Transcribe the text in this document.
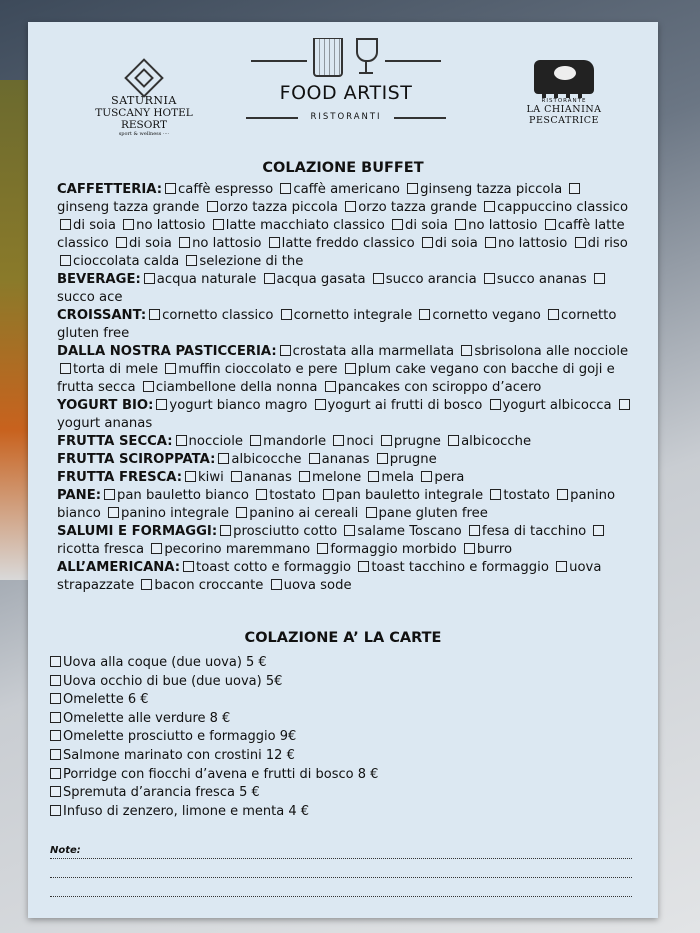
SATURNIA
TUSCANY HOTEL RESORT
sport & wellness ····
FOOD ARTIST
RISTORANTI
RISTORANTE
LA CHIANINA
PESCATRICE
COLAZIONE BUFFET

CAFFETTERIA: caffè espresso caffè americano ginseng tazza piccola ginseng tazza grande orzo tazza piccola orzo tazza grande cappuccino classico di soia no lattosio latte macchiato classico di soia no lattosio caffè latte classico di soia no lattosio latte freddo classico di soia no lattosio di riso cioccolata calda selezione di the

BEVERAGE: acqua naturale acqua gasata succo arancia succo ananas succo ace

CROISSANT: cornetto classico cornetto integrale cornetto vegano cornetto gluten free

DALLA NOSTRA PASTICCERIA: crostata alla marmellata sbrisolona alle nocciole torta di mele muffin cioccolato e pere plum cake vegano con bacche di goji e frutta secca ciambellone della nonna pancakes con sciroppo d’acero

YOGURT BIO: yogurt bianco magro yogurt ai frutti di bosco yogurt albicocca yogurt ananas

FRUTTA SECCA: nocciole mandorle noci prugne albicocche

FRUTTA SCIROPPATA: albicocche ananas prugne

FRUTTA FRESCA: kiwi ananas melone mela pera

PANE: pan bauletto bianco tostato pan bauletto integrale tostato panino bianco panino integrale panino ai cereali pane gluten free

SALUMI E FORMAGGI: prosciutto cotto salame Toscano fesa di tacchino ricotta fresca pecorino maremmano formaggio morbido burro

ALL’AMERICANA: toast cotto e formaggio toast tacchino e formaggio uova strapazzate bacon croccante uova sode

COLAZIONE A’ LA CARTE
Uova alla coque (due uova) 5 €
Uova occhio di bue (due uova) 5€
Omelette 6 €
Omelette alle verdure 8 €
Omelette prosciutto e formaggio 9€
Salmone marinato con crostini 12 €
Porridge con fiocchi d’avena e frutti di bosco 8 €
Spremuta d’arancia fresca 5 €
Infuso di zenzero, limone e menta 4 €
Note:
